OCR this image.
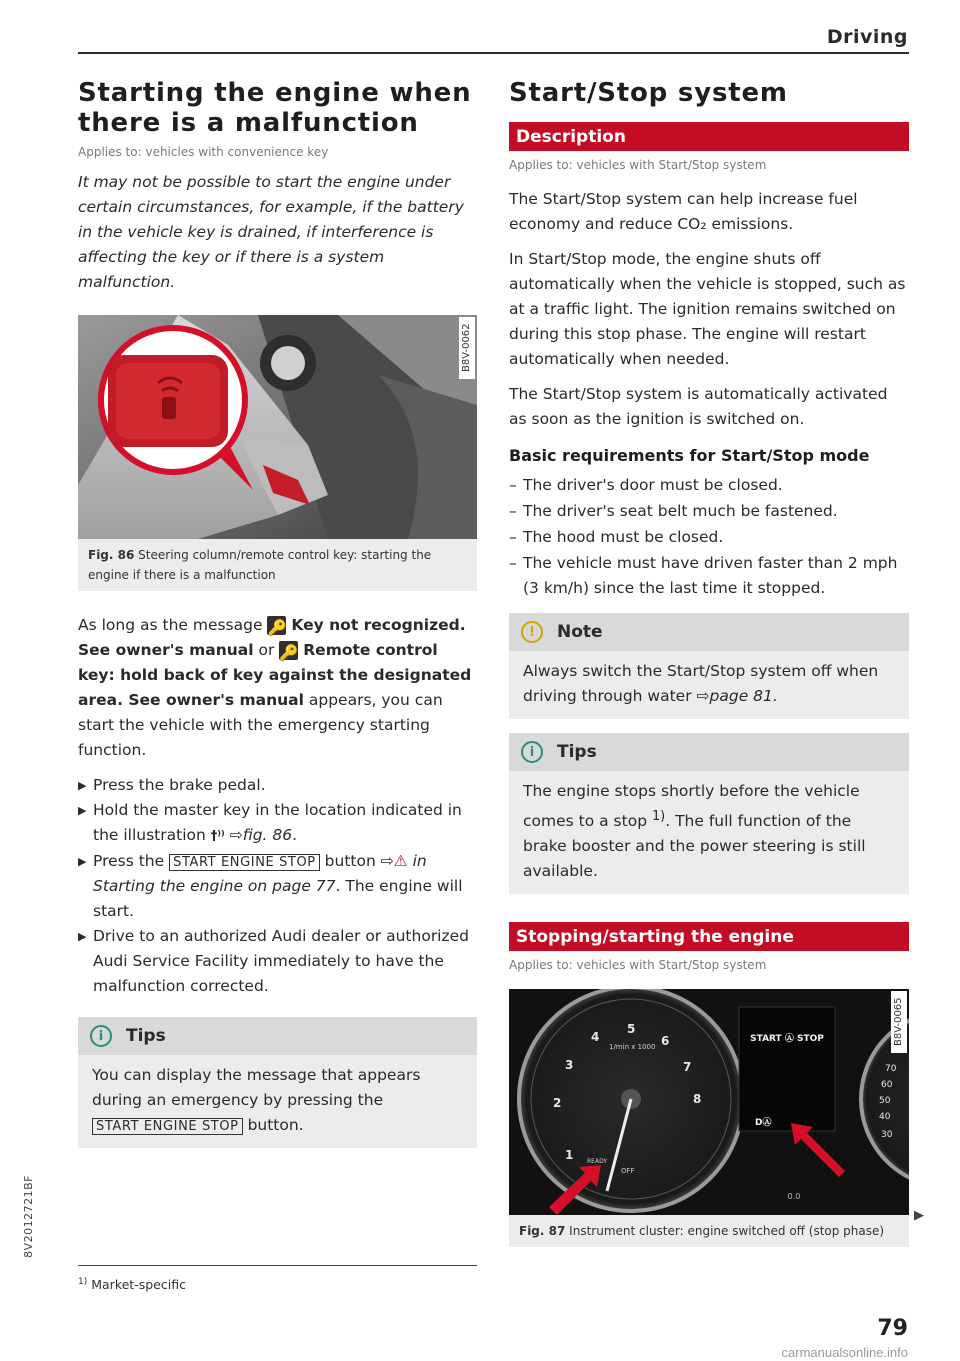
Driving
Starting the engine when there is a malfunction
Applies to: vehicles with convenience key
It may not be possible to start the engine under certain circumstances, for example, if the battery in the vehicle key is drained, if interference is affecting the key or if there is a system malfunction.
B8V-0062
Fig. 86 Steering column/remote control key: starting the engine if there is a malfunction

As long as the message 🔑 Key not recognized. See owner's manual or 🔑 Remote control key: hold back of key against the designated area. See owner's manual appears, you can start the vehicle with the emergency starting function.

▶ Press the brake pedal.
▶ Hold the master key in the location indicated in the illustration †⁾⁾ ⇨fig. 86.
▶ Press the START ENGINE STOP button ⇨⚠ in Starting the engine on page 77. The engine will start.
▶ Drive to an authorized Audi dealer or authorized Audi Service Facility immediately to have the malfunction corrected.
i	Tips
You can display the message that appears during an emergency by pressing the START ENGINE STOP button.
Start/Stop system
Description
Applies to: vehicles with Start/Stop system

The Start/Stop system can help increase fuel economy and reduce CO₂ emissions.

In Start/Stop mode, the engine shuts off automatically when the vehicle is stopped, such as at a traffic light. The ignition remains switched on during this stop phase. The engine will restart automatically when needed.

The Start/Stop system is automatically activated as soon as the ignition is switched on.

Basic requirements for Start/Stop mode
– The driver's door must be closed.
– The driver's seat belt much be fastened.
– The hood must be closed.
– The vehicle must have driven faster than 2 mph (3 km/h) since the last time it stopped.
!	Note
Always switch the Start/Stop system off when driving through water ⇨page 81.
i	Tips
The engine stops shortly before the vehicle comes to a stop $^{1)}$. The full function of the brake booster and the power steering is still available.
Stopping/starting the engine
Applies to: vehicles with Start/Stop system
1
2
3
4
5
6
7
8
1/min x 1000
OFF
READY
START Ⓐ STOP
DⒶ
0.0
70
60
50
40
30
B8V-0065
Fig. 87 Instrument cluster: engine switched off (stop phase)
▶
$^{1)}$ Market-specific
8V2012721BF
79
carmanualsonline.info
